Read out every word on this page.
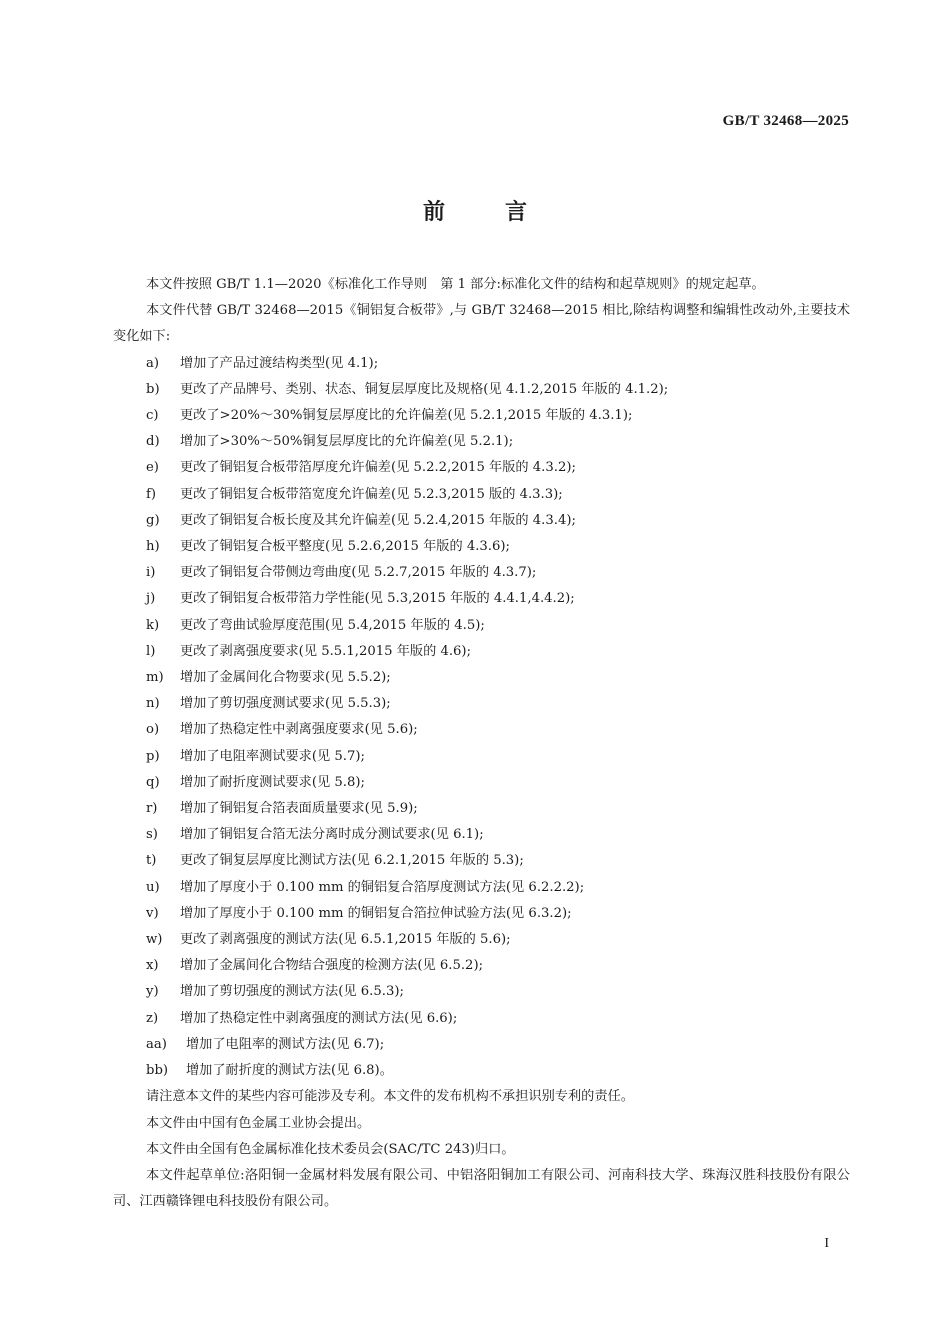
GB/T 32468—2025
前言

本文件按照 GB/T 1.1—2020《标准化工作导则　第 1 部分:标准化文件的结构和起草规则》的规定起草。

本文件代替 GB/T 32468—2015《铜铝复合板带》,与 GB/T 32468—2015 相比,除结构调整和编辑性改动外,主要技术变化如下:

a)	增加了产品过渡结构类型(见 4.1);
b)	更改了产品牌号、类别、状态、铜复层厚度比及规格(见 4.1.2,2015 年版的 4.1.2);
c)	更改了>20%～30%铜复层厚度比的允许偏差(见 5.2.1,2015 年版的 4.3.1);
d)	增加了>30%～50%铜复层厚度比的允许偏差(见 5.2.1);
e)	更改了铜铝复合板带箔厚度允许偏差(见 5.2.2,2015 年版的 4.3.2);
f)	更改了铜铝复合板带箔宽度允许偏差(见 5.2.3,2015 版的 4.3.3);
g)	更改了铜铝复合板长度及其允许偏差(见 5.2.4,2015 年版的 4.3.4);
h)	更改了铜铝复合板平整度(见 5.2.6,2015 年版的 4.3.6);
i)	更改了铜铝复合带侧边弯曲度(见 5.2.7,2015 年版的 4.3.7);
j)	更改了铜铝复合板带箔力学性能(见 5.3,2015 年版的 4.4.1,4.4.2);
k)	更改了弯曲试验厚度范围(见 5.4,2015 年版的 4.5);
l)	更改了剥离强度要求(见 5.5.1,2015 年版的 4.6);
m)	增加了金属间化合物要求(见 5.5.2);
n)	增加了剪切强度测试要求(见 5.5.3);
o)	增加了热稳定性中剥离强度要求(见 5.6);
p)	增加了电阻率测试要求(见 5.7);
q)	增加了耐折度测试要求(见 5.8);
r)	增加了铜铝复合箔表面质量要求(见 5.9);
s)	增加了铜铝复合箔无法分离时成分测试要求(见 6.1);
t)	更改了铜复层厚度比测试方法(见 6.2.1,2015 年版的 5.3);
u)	增加了厚度小于 0.100 mm 的铜铝复合箔厚度测试方法(见 6.2.2.2);
v)	增加了厚度小于 0.100 mm 的铜铝复合箔拉伸试验方法(见 6.3.2);
w)	更改了剥离强度的测试方法(见 6.5.1,2015 年版的 5.6);
x)	增加了金属间化合物结合强度的检测方法(见 6.5.2);
y)	增加了剪切强度的测试方法(见 6.5.3);
z)	增加了热稳定性中剥离强度的测试方法(见 6.6);
aa)	增加了电阻率的测试方法(见 6.7);
bb)	增加了耐折度的测试方法(见 6.8)。

请注意本文件的某些内容可能涉及专利。本文件的发布机构不承担识别专利的责任。

本文件由中国有色金属工业协会提出。

本文件由全国有色金属标准化技术委员会(SAC/TC 243)归口。

本文件起草单位:洛阳铜一金属材料发展有限公司、中铝洛阳铜加工有限公司、河南科技大学、珠海汉胜科技股份有限公司、江西赣锋锂电科技股份有限公司。

I
